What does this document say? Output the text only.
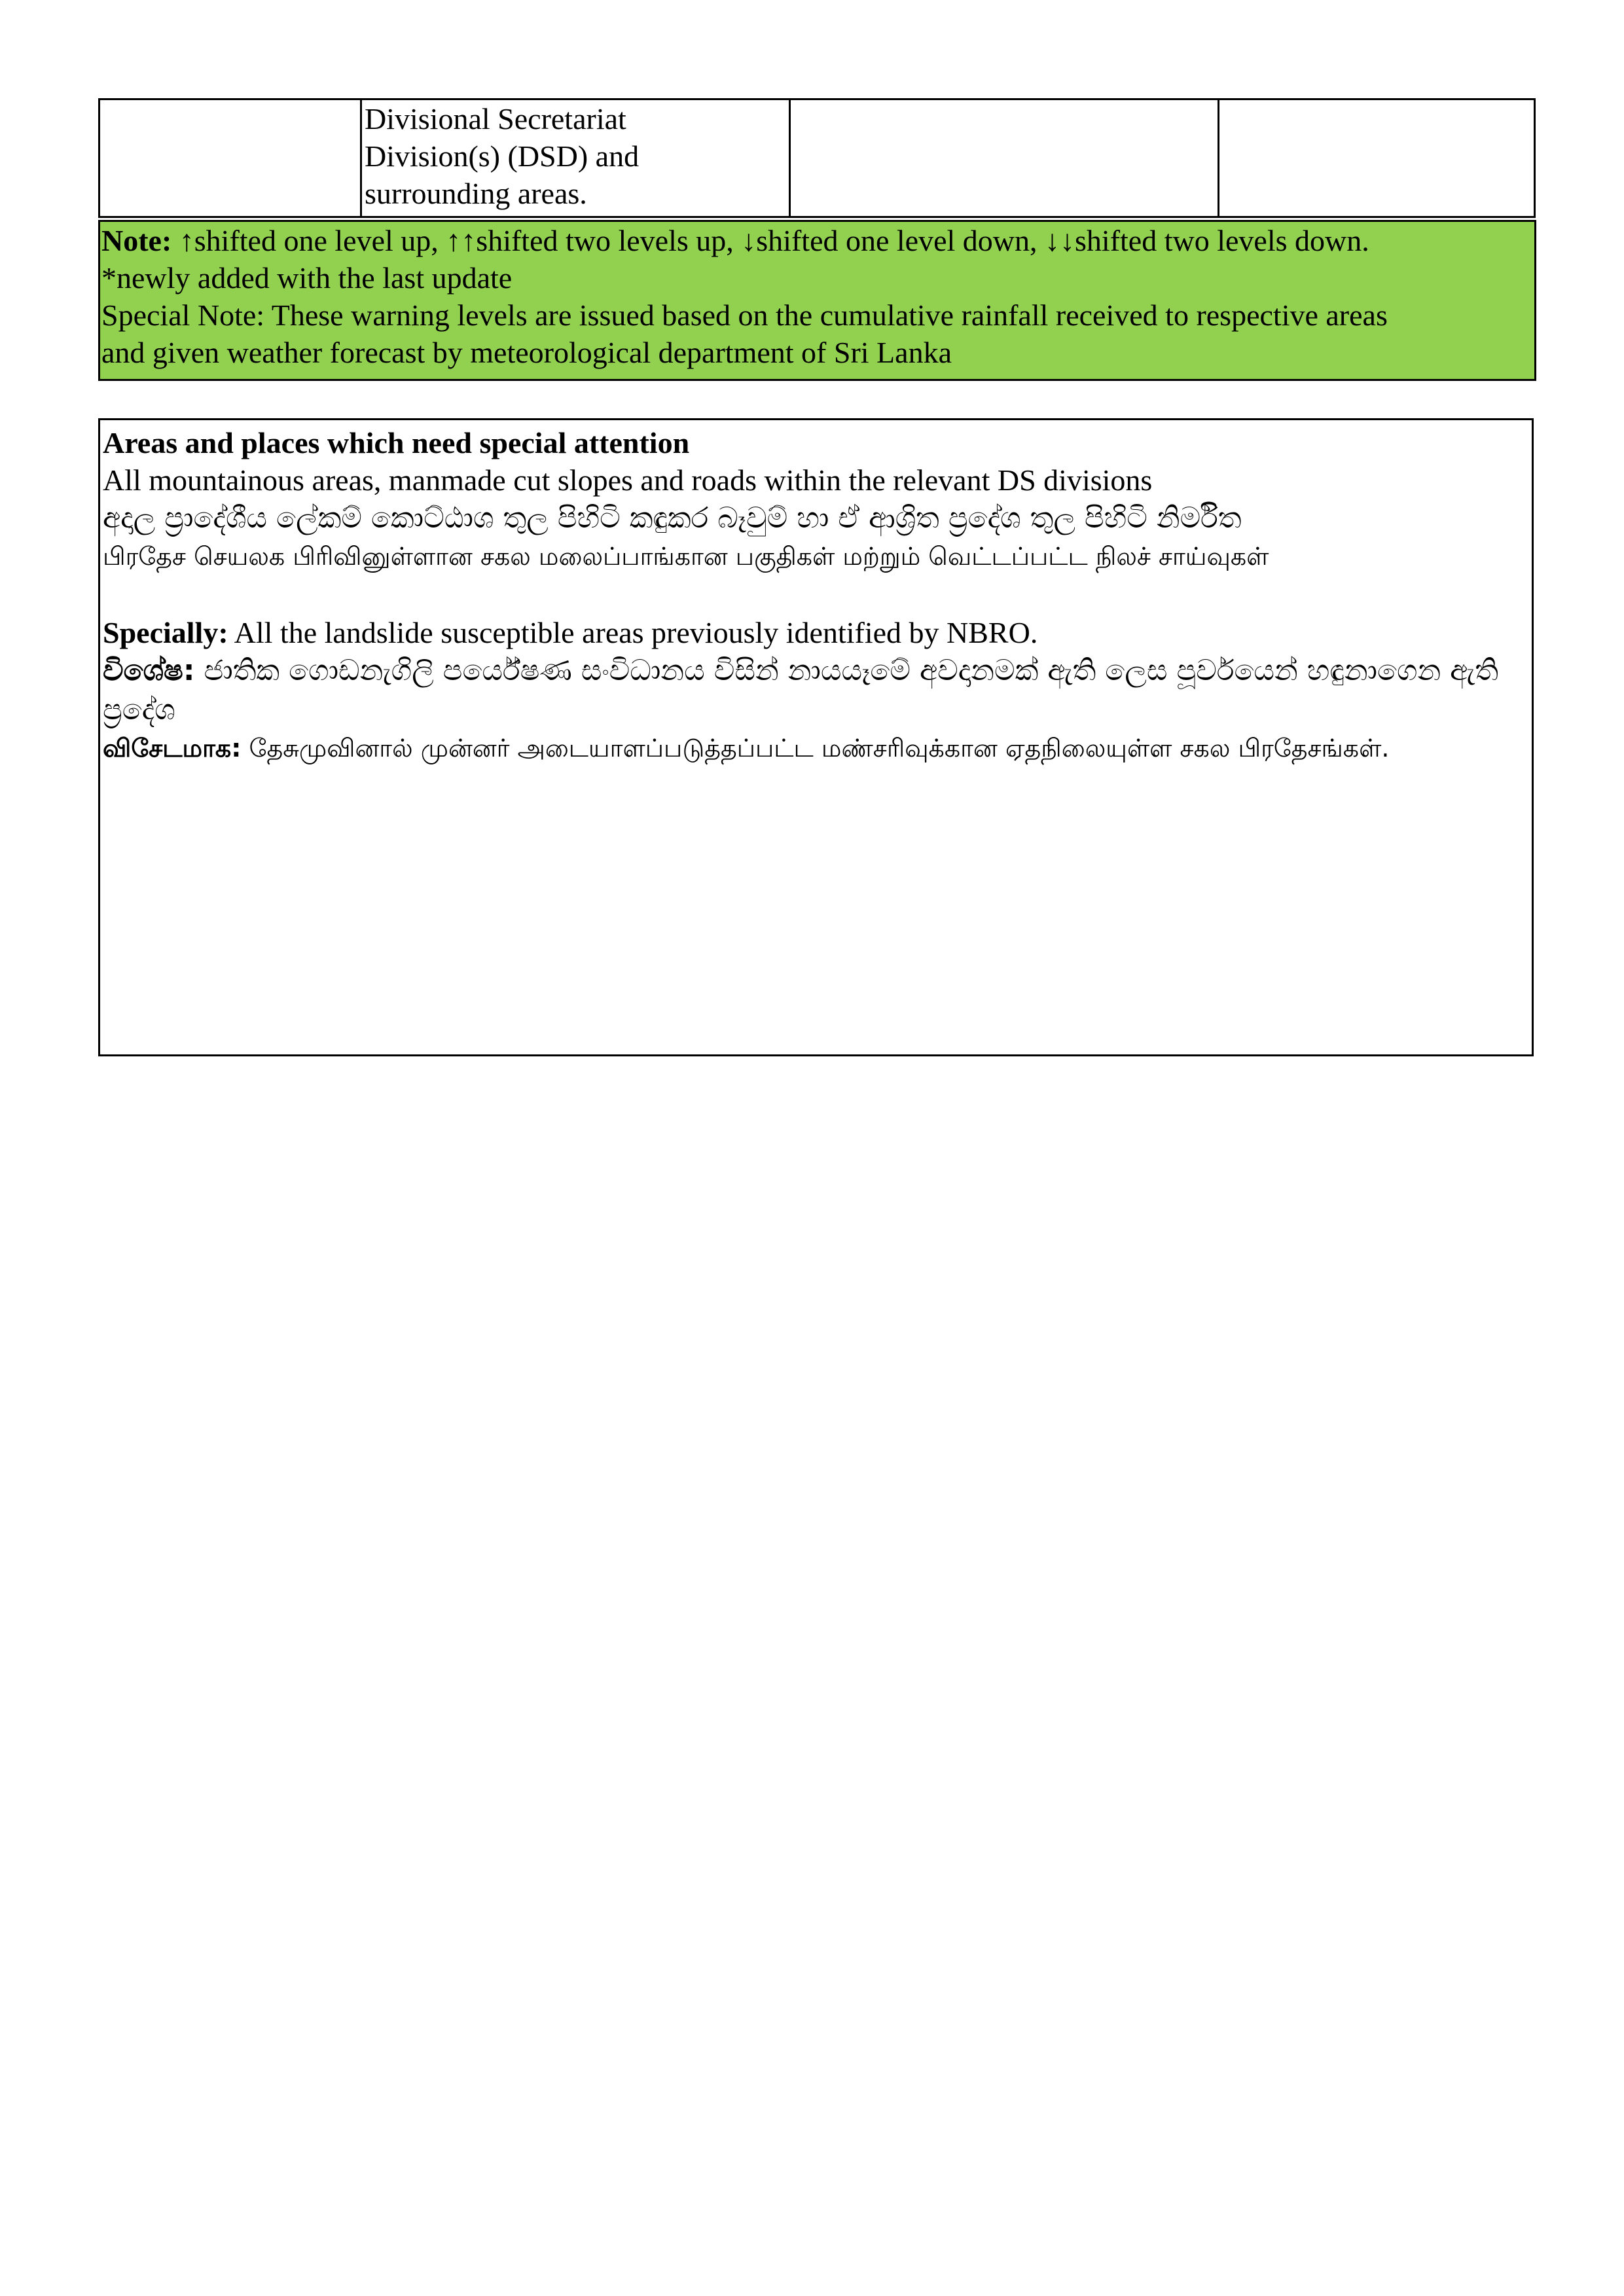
Divisional Secretariat
Division(s) (DSD) and
surrounding areas.

Note: ↑shifted one level up, ↑↑shifted two levels up, ↓shifted one level down, ↓↓shifted two levels down.
*newly added with the last update
Special Note: These warning levels are issued based on the cumulative rainfall received to respective areas
and given weather forecast by meteorological department of Sri Lanka
Areas and places which need special attention
All mountainous areas, manmade cut slopes and roads within the relevant DS divisions
අදාල ප්‍රාදේශීය ලේකම් කොට්ඨාශ තුල පිහිටි කඳුකර බෑවුම් හා ඒ ආශ්‍රිත ප්‍රදේශ තුල පිහිටි නිර්මිත
பிரதேச செயலக பிரிவினுள்ளான சகல மலைப்பாங்கான பகுதிகள் மற்றும் வெட்டப்பட்ட நிலச் சாய்வுகள்
Specially: All the landslide susceptible areas previously identified by NBRO.
විශේෂ: ජාතික ගොඩනැගිලි පර්යේෂණ සංවිධානය විසින් නායයෑමේ අවදානමක් ඇති ලෙස පූර්වයෙන් හඳුනාගෙන ඇති ප්‍රදේශ
விசேடமாக: தேசுமுவினால் முன்னர் அடையாளப்படுத்தப்பட்ட மண்சரிவுக்கான ஏதநிலையுள்ள சகல பிரதேசங்கள்.
